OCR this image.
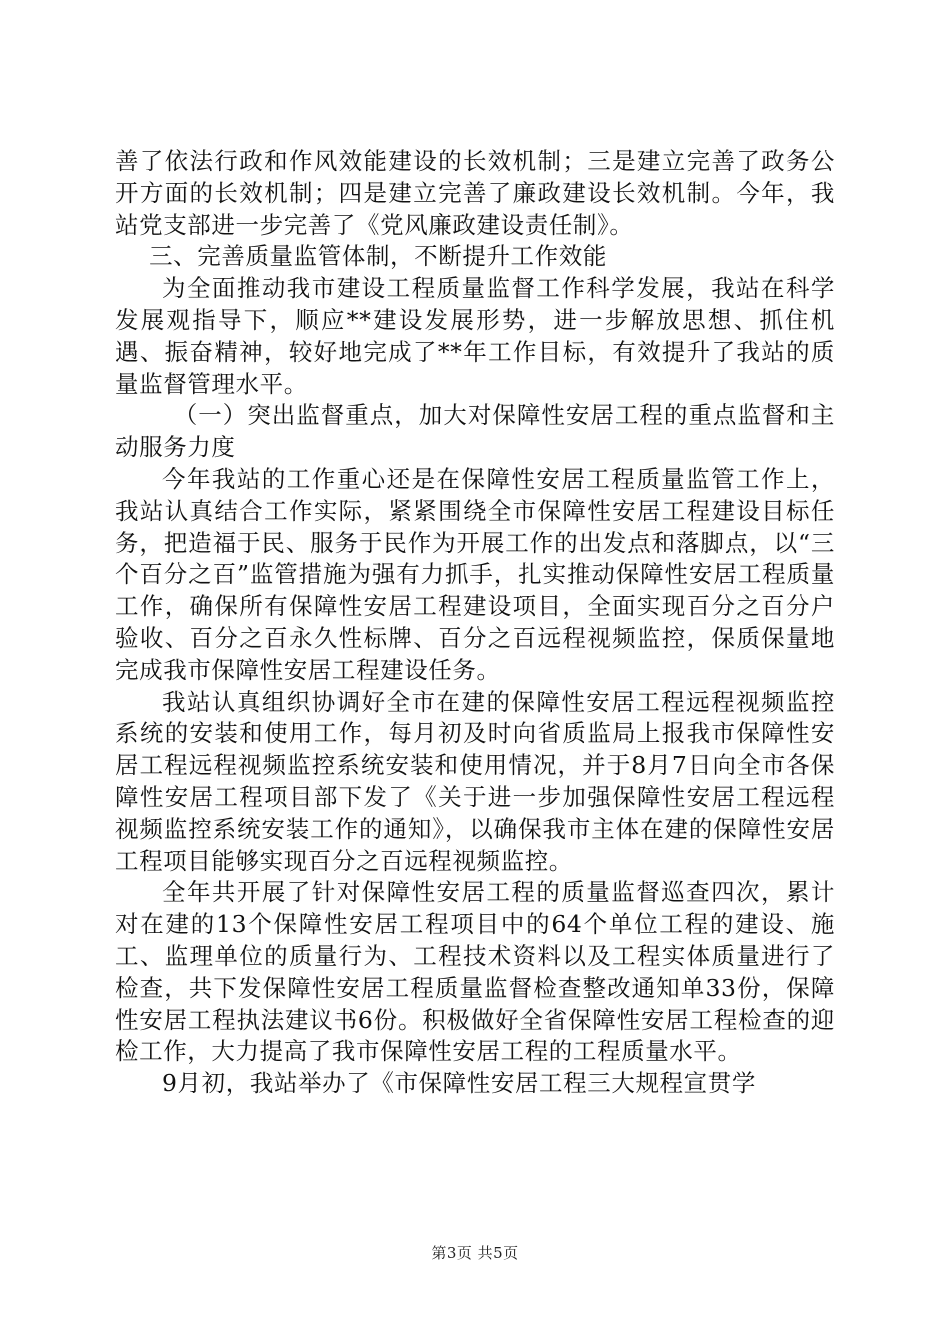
善了依法行政和作风效能建设的长效机制；三是建立完善了政务公开方面的长效机制；四是建立完善了廉政建设长效机制。今年，我站党支部进一步完善了《党风廉政建设责任制》。

三、完善质量监管体制，不断提升工作效能

为全面推动我市建设工程质量监督工作科学发展，我站在科学发展观指导下，顺应**建设发展形势，进一步解放思想、抓住机遇、振奋精神，较好地完成了**年工作目标，有效提升了我站的质量监督管理水平。

（一）突出监督重点，加大对保障性安居工程的重点监督和主动服务力度

今年我站的工作重心还是在保障性安居工程质量监管工作上，我站认真结合工作实际，紧紧围绕全市保障性安居工程建设目标任务，把造福于民、服务于民作为开展工作的出发点和落脚点，以“三个百分之百”监管措施为强有力抓手，扎实推动保障性安居工程质量工作，确保所有保障性安居工程建设项目，全面实现百分之百分户验收、百分之百永久性标牌、百分之百远程视频监控，保质保量地完成我市保障性安居工程建设任务。

我站认真组织协调好全市在建的保障性安居工程远程视频监控系统的安装和使用工作，每月初及时向省质监局上报我市保障性安居工程远程视频监控系统安装和使用情况，并于8月7日向全市各保障性安居工程项目部下发了《关于进一步加强保障性安居工程远程视频监控系统安装工作的通知》，以确保我市主体在建的保障性安居工程项目能够实现百分之百远程视频监控。

全年共开展了针对保障性安居工程的质量监督巡查四次，累计对在建的13个保障性安居工程项目中的64个单位工程的建设、施工、监理单位的质量行为、工程技术资料以及工程实体质量进行了检查，共下发保障性安居工程质量监督检查整改通知单33份，保障性安居工程执法建议书6份。积极做好全省保障性安居工程检查的迎检工作，大力提高了我市保障性安居工程的工程质量水平。

9月初，我站举办了《市保障性安居工程三大规程宣贯学

第3页 共5页
